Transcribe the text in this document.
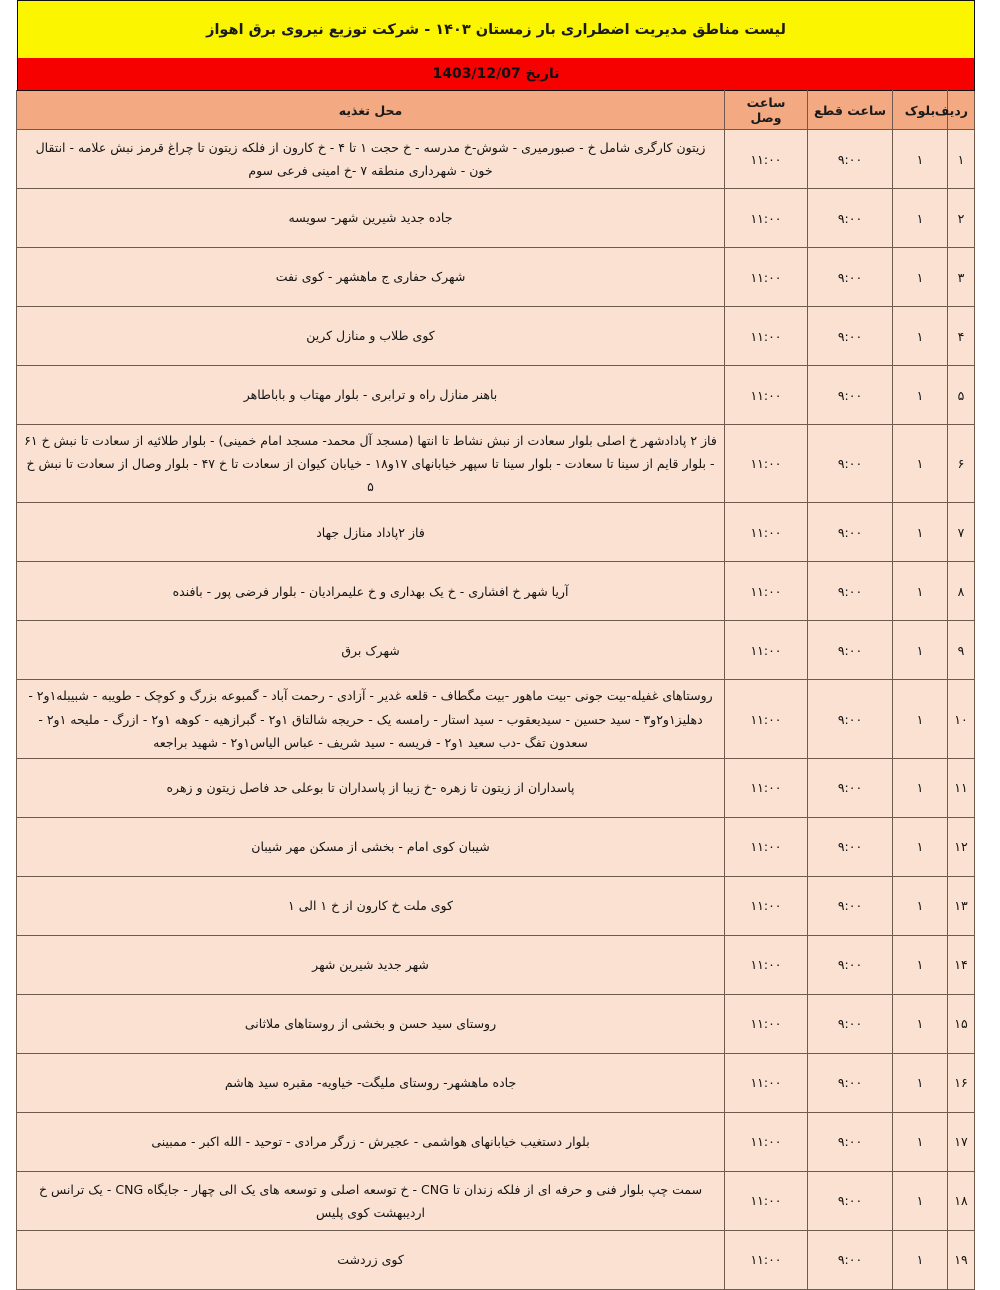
لیست مناطق مدیریت اضطراری بار زمستان ۱۴۰۳ - شرکت توزیع نیروی برق اهواز
تاریخ 1403/12/07
ردیف	بلوک	ساعت قطع	ساعت وصل	محل تغذیه
۱	۱	۹:۰۰	۱۱:۰۰	زیتون کارگری شامل خ - صبورمیری - شوش-خ مدرسه - خ حجت ۱ تا ۴ - خ کارون از فلکه زیتون تا چراغ قرمز نبش علامه - انتقال خون - شهرداری منطقه ۷ -خ امینی فرعی سوم
۲	۱	۹:۰۰	۱۱:۰۰	جاده جدید شیرین شهر- سویسه
۳	۱	۹:۰۰	۱۱:۰۰	شهرک حفاری ج ماهشهر - کوی نفت
۴	۱	۹:۰۰	۱۱:۰۰	کوی طلاب و منازل کرین
۵	۱	۹:۰۰	۱۱:۰۰	باهنر منازل راه و ترابری - بلوار مهتاب و باباطاهر
۶	۱	۹:۰۰	۱۱:۰۰	فاز ۲ پادادشهر خ اصلی بلوار سعادت از نبش نشاط تا انتها (مسجد آل محمد- مسجد امام خمینی) - بلوار طلائیه از سعادت تا نبش خ ۶۱ - بلوار قایم از سینا تا سعادت - بلوار سینا تا سپهر خیابانهای ۱۷و۱۸ - خیابان کیوان از سعادت تا خ ۴۷ - بلوار وصال از سعادت تا نبش خ ۵
۷	۱	۹:۰۰	۱۱:۰۰	فاز ۲پاداد منازل جهاد
۸	۱	۹:۰۰	۱۱:۰۰	آریا شهر خ افشاری - خ یک بهداری و خ علیمرادیان - بلوار فرضی پور - بافنده
۹	۱	۹:۰۰	۱۱:۰۰	شهرک برق
۱۰	۱	۹:۰۰	۱۱:۰۰	روستاهای غفیله-بیت جونی -بیت ماهور -بیت مگطاف - قلعه غدیر - آزادی - رحمت آباد - گمبوعه بزرگ و کوچک - طویبه - شبیبله۱و۲ - دهلیز۱و۲و۳ - سید حسین - سیدیعقوب - سید استار - رامسه یک - حریجه شالتاق ۱و۲ - گبرازهیه - کوهه ۱و۲ - ازرگ - ملیحه ۱و۲ - سعدون تفگ -دب سعید ۱و۲ - فریسه - سید شریف - عباس الیاس۱و۲ - شهید براجعه
۱۱	۱	۹:۰۰	۱۱:۰۰	پاسداران از زیتون تا زهره -خ زیبا از پاسداران تا بوعلی حد فاصل زیتون و زهره
۱۲	۱	۹:۰۰	۱۱:۰۰	شیبان کوی امام - بخشی از مسکن مهر شیبان
۱۳	۱	۹:۰۰	۱۱:۰۰	کوی ملت خ کارون از خ ۱ الی ۱
۱۴	۱	۹:۰۰	۱۱:۰۰	شهر جدید شیرین شهر
۱۵	۱	۹:۰۰	۱۱:۰۰	روستای سید حسن و بخشی از روستاهای ملاثانی
۱۶	۱	۹:۰۰	۱۱:۰۰	جاده ماهشهر- روستای ملیگت- خیاویه- مقبره سید هاشم
۱۷	۱	۹:۰۰	۱۱:۰۰	بلوار دستغیب خیابانهای هواشمی - عجیرش - زرگر مرادی - توحید - الله اکبر - ممبینی
۱۸	۱	۹:۰۰	۱۱:۰۰	سمت چپ بلوار فنی و حرفه ای از فلکه زندان تا CNG - خ توسعه اصلی و توسعه های یک الی چهار - جایگاه CNG - یک ترانس خ اردیبهشت کوی پلیس
۱۹	۱	۹:۰۰	۱۱:۰۰	کوی زردشت
